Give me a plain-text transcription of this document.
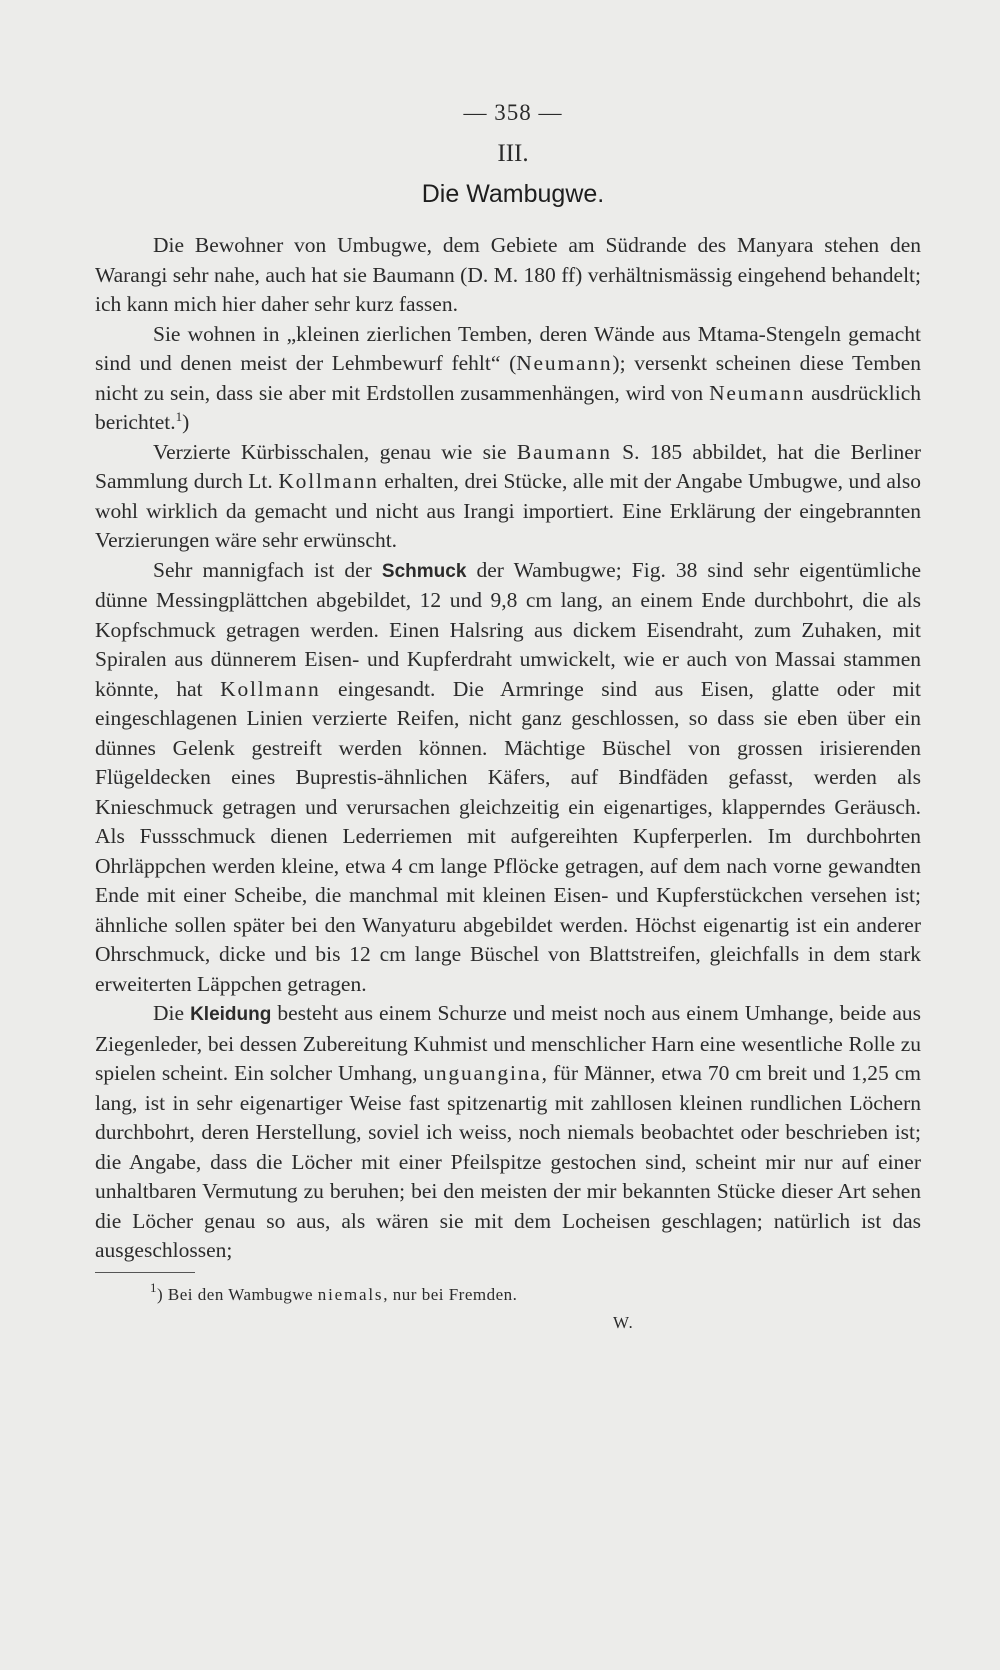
— 358 —
III.
Die Wambugwe.

Die Bewohner von Umbugwe, dem Gebiete am Südrande des Manyara stehen den Warangi sehr nahe, auch hat sie Baumann (D. M. 180 ff) verhältnismässig eingehend behandelt; ich kann mich hier daher sehr kurz fassen.

Sie wohnen in „kleinen zierlichen Temben, deren Wände aus Mtama-Stengeln gemacht sind und denen meist der Lehmbewurf fehlt“ (Neumann); versenkt scheinen diese Temben nicht zu sein, dass sie aber mit Erdstollen zusammenhängen, wird von Neumann ausdrücklich berichtet.$^1$)

Verzierte Kürbisschalen, genau wie sie Baumann S. 185 abbildet, hat die Berliner Sammlung durch Lt. Kollmann erhalten, drei Stücke, alle mit der Angabe Umbugwe, und also wohl wirklich da gemacht und nicht aus Irangi importiert. Eine Erklärung der eingebrannten Verzierungen wäre sehr erwünscht.

Sehr mannigfach ist der Schmuck der Wambugwe; Fig. 38 sind sehr eigentümliche dünne Messingplättchen abgebildet, 12 und 9,8 cm lang, an einem Ende durchbohrt, die als Kopfschmuck getragen werden. Einen Halsring aus dickem Eisendraht, zum Zuhaken, mit Spiralen aus dünnerem Eisen- und Kupferdraht umwickelt, wie er auch von Massai stammen könnte, hat Kollmann eingesandt. Die Armringe sind aus Eisen, glatte oder mit eingeschlagenen Linien verzierte Reifen, nicht ganz geschlossen, so dass sie eben über ein dünnes Gelenk gestreift werden können. Mächtige Büschel von grossen irisierenden Flügeldecken eines Buprestis-ähnlichen Käfers, auf Bindfäden gefasst, werden als Knieschmuck getragen und verursachen gleichzeitig ein eigenartiges, klapperndes Geräusch. Als Fussschmuck dienen Lederriemen mit aufgereihten Kupferperlen. Im durchbohrten Ohrläppchen werden kleine, etwa 4 cm lange Pflöcke getragen, auf dem nach vorne gewandten Ende mit einer Scheibe, die manchmal mit kleinen Eisen- und Kupferstückchen versehen ist; ähnliche sollen später bei den Wanyaturu abgebildet werden. Höchst eigenartig ist ein anderer Ohrschmuck, dicke und bis 12 cm lange Büschel von Blattstreifen, gleichfalls in dem stark erweiterten Läppchen getragen.

Die Kleidung besteht aus einem Schurze und meist noch aus einem Umhange, beide aus Ziegenleder, bei dessen Zubereitung Kuhmist und menschlicher Harn eine wesentliche Rolle zu spielen scheint. Ein solcher Umhang, unguangina, für Männer, etwa 70 cm breit und 1,25 cm lang, ist in sehr eigenartiger Weise fast spitzenartig mit zahllosen kleinen rundlichen Löchern durchbohrt, deren Herstellung, soviel ich weiss, noch niemals beobachtet oder beschrieben ist; die Angabe, dass die Löcher mit einer Pfeilspitze gestochen sind, scheint mir nur auf einer unhaltbaren Vermutung zu beruhen; bei den meisten der mir bekannten Stücke dieser Art sehen die Löcher genau so aus, als wären sie mit dem Locheisen geschlagen; natürlich ist das ausgeschlossen;

$^1$) Bei den Wambugwe niemals, nur bei Fremden.
W.
